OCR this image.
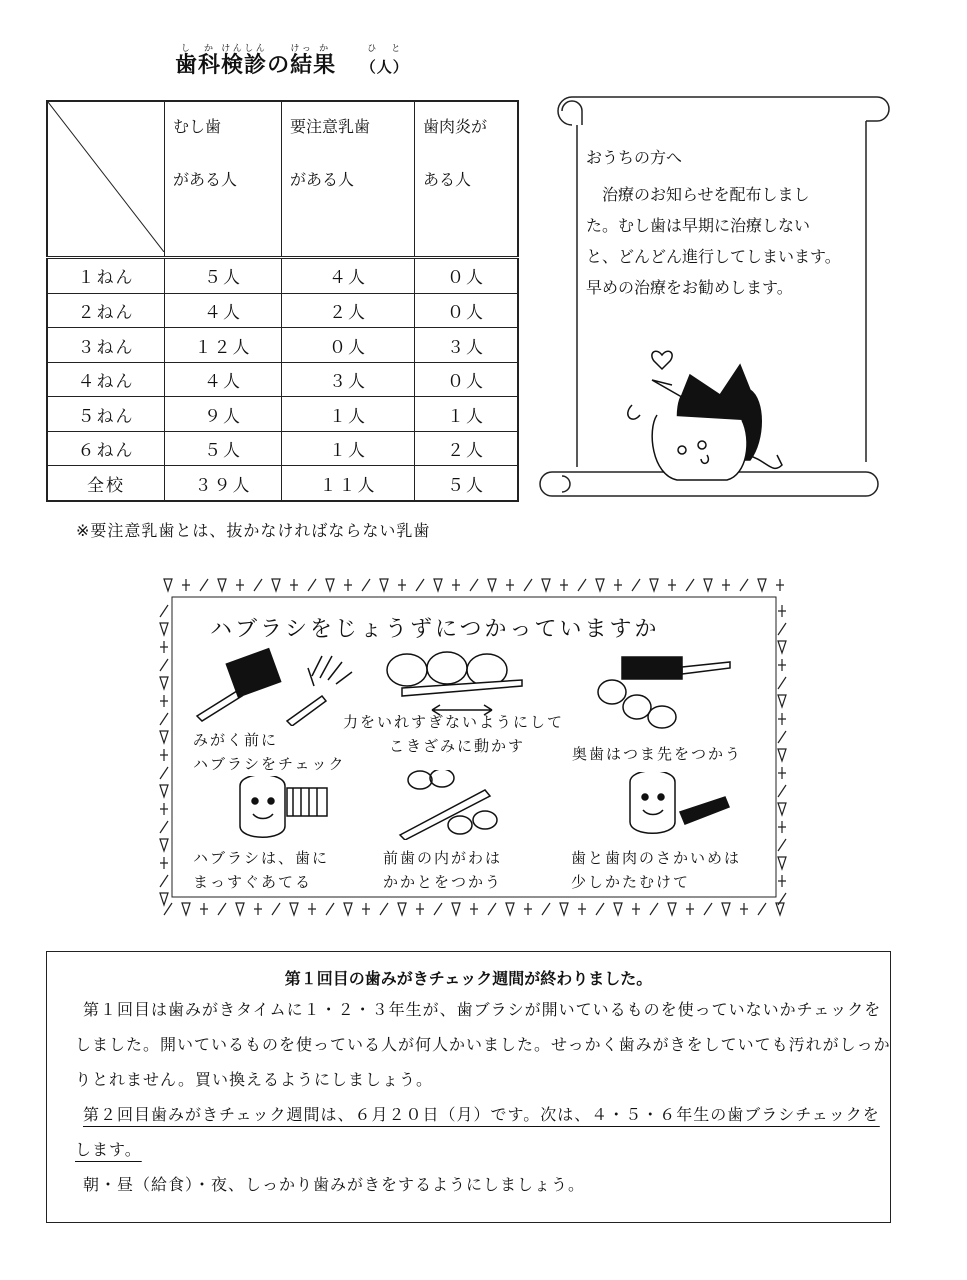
歯し科か検けん診しんの結けっ果か （人）ひと
	むし歯
がある人	要注意乳歯
がある人	歯肉炎が
ある人

１ねん	５人	４人	０人
２ねん	４人	２人	０人
３ねん	１２人	０人	３人
４ねん	４人	３人	０人
５ねん	９人	１人	１人
６ねん	５人	１人	２人
全校	３９人	１１人	５人
※要注意乳歯とは、抜かなければならない乳歯
おうちの方へ
治療のお知らせを配布しました。むし歯は早期に治療しないと、どんどん進行してしまいます。早めの治療をお勧めします。
ハブラシをじょうずにつかっていますか
みがく前に
ハブラシをチェック
力をいれすぎないようにして
こきざみに動かす	奥歯はつま先をつかう
ハブラシは、歯に
まっすぐあてる
前歯の内がわは
かかとをつかう
歯と歯肉のさかいめは
少しかたむけて
第１回目の歯みがきチェック週間が終わりました。

第１回目は歯みがきタイムに１・２・３年生が、歯ブラシが開いているものを使っていないかチェックをしました。開いているものを使っている人が何人かいました。せっかく歯みがきをしていても汚れがしっかりとれません。買い換えるようにしましょう。

第２回目歯みがきチェック週間は、６月２０日（月）です。次は、４・５・６年生の歯ブラシチェックをします。

朝・昼（給食）・夜、しっかり歯みがきをするようにしましょう。
